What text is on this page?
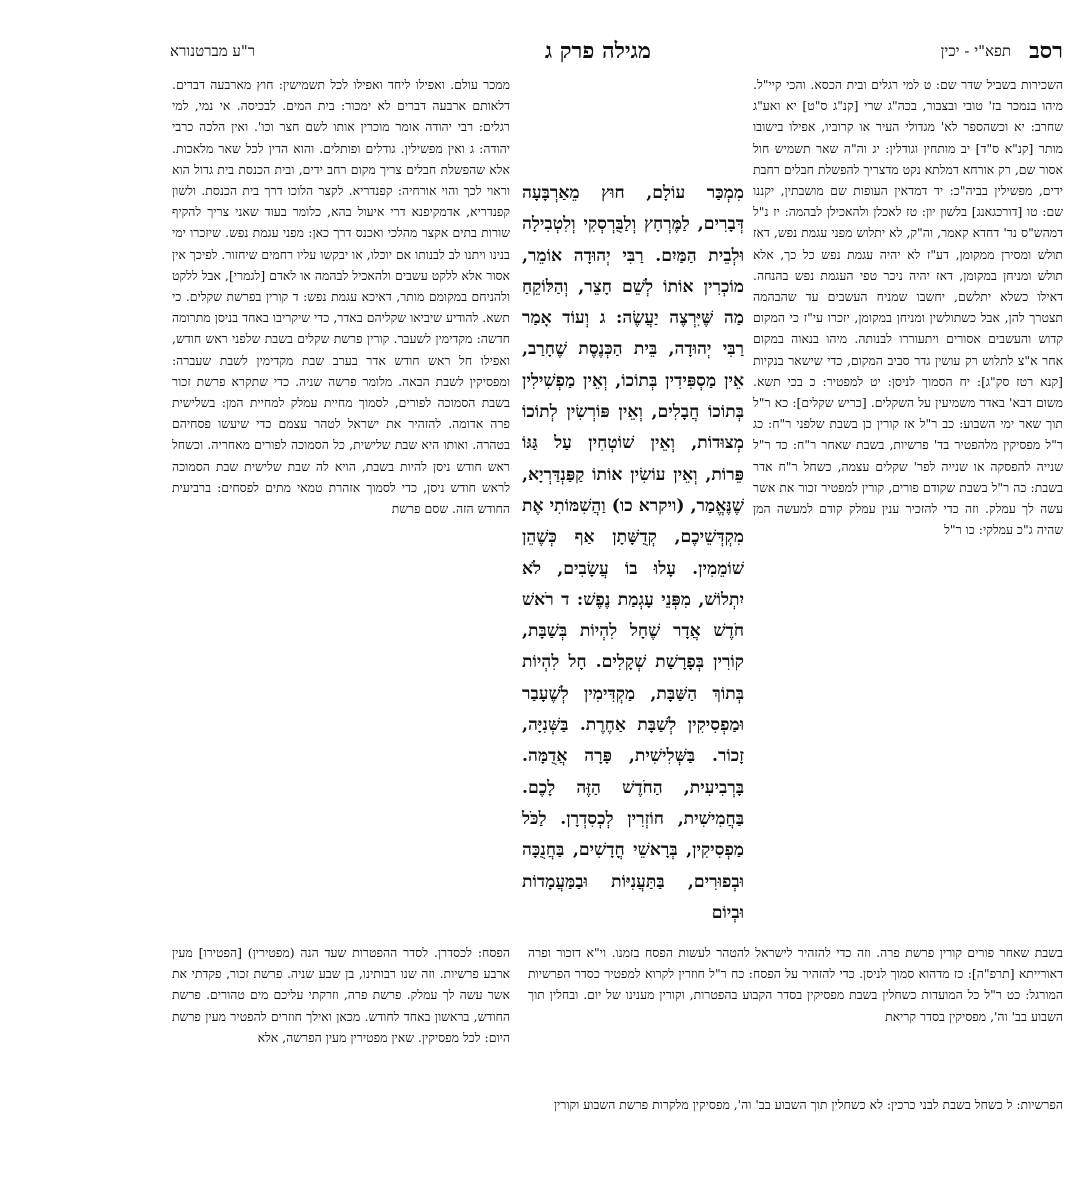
רסב
תפא"י - יכין
מגילה פרק ג
ר"ע מברטנורא

השכירות בשביל שדר שם: ט למי רגלים ובית הכסא. והכי קיי"ל. מיהו בנמכר בז' טובי ובצבור, בכה"ג שרי [קנ"ג ס"ט] יא ואע"ג שחרב: יא וכשהספר לא' מגדולי העיר או קרוביו, אפילו בישובו מותר [קנ"א ס"ד] יב מותחין וגודלין: יג וה"ה שאר תשמיש חול אסור שם, רק אורחא דמלתא נקט מדצריך להפשלת חבלים רחבת ידים, מפשילין בביה"כ: יד דמדאין העופות שם מושבתין, יקננו שם: טו [דורכגאנג] בלשון יון: טז לאכלן ולהאכילן לבהמה: יז נ"ל דמהש"ס נר' דחדא קאמר, וה"ק, לא יתלוש מפני עגמת נפש, דאז תולש ומסירן ממקומן, דע"ז לא יהיה עגמת נפש כל כך, אלא תולש ומניחן במקומן, דאז יהיה ניכר טפי העגמת נפש בהנחה. דאילו כשלא יתלשם, יחשבו שמניח העשבים עד שהבהמה תצטרך להן, אבל כשתולשין ומניחן במקומן, יזכרו עי"ז כי המקום קדוש והעשבים אסורים ויתעוררו לבנותה. מיהו בנאוה במקום אחר א"צ לתלוש רק עושין גדר סביב המקום, כדי שישאר בנקיות [קנא רטז סק"ג]: יח הסמוך לניסן: יט למפטיר: כ בכי תשא. משום דבא' באדר משמיעין על השקלים. [כריש שקלים]: כא ר"ל תוך שאר ימי השבוע: כב ר"ל אז קורין כן בשבת שלפני ר"ח: כג ר"ל מפסיקין מלהפטיר בד' פרשיות, בשבת שאחר ר"ח: כד ר"ל שנייה להפסקה או שנייה לפר' שקלים עצמה, כשחל ר"ח אדר בשבת: כה ר"ל בשבת שקודם פורים, קורין למפטיר זכור את אשר עשה לך עמלק. וזה כדי להזכיר ענין עמלק קודם למעשה המן שהיה ג"כ עמלקי: כו ר"ל

ממכר עולם. ואפילו ליחד ואפילו לכל תשמישין: חוץ מארבעה דברים. דלאותם ארבעה דברים לא ימכור: בית המים. לבכיסה. אי נמי, למי רגלים: רבי יהודה אומר מוכרין אותו לשם חצר וכו'. ואין הלכה כרבי יהודה: ג ואין מפשילין. גודלים ופותלים. והוא הדין לכל שאר מלאכות. אלא שהפשלת חבלים צריך מקום רחב ידים, ובית הכנסת בית גדול הוא וראוי לכך והוי אורחיה: קפנדריא. לקצר הלוכו דרך בית הכנסת. ולשון קפנדריא, אדמקיפנא דרי איעול בהא, כלומר בעוד שאני צריך להקיף שורות בתים אקצר מהלכי ואכנס דרך כאן: מפני עגמת נפש. שיזכרו ימי בנינו ויתנו לב לבנותו אם יוכלו, או יבקשו עליו רחמים שיחזור. לפיכך אין אסור אלא ללקט עשבים ולהאכיל לבהמה או לאדם [לגמרי], אבל ללקט ולהניחם במקומם מותר, דאיכא עגמת נפש: ד קורין בפרשת שקלים. כי תשא. להודיע שיביאו שקליהם באדר, כדי שיקריבו באחד בניסן מתרומה חדשה: מקדימין לשעבר. קורין פרשת שקלים בשבת שלפני ראש חודש, ואפילו חל ראש חודש אדר בערב שבת מקדימין לשבת שעברה: ומפסיקין לשבת הבאה. מלומר פרשה שניה. כדי שתקרא פרשת זכור בשבת הסמוכה לפורים, לסמוך מחיית עמלק למחיית המן: בשלישית פרה אדומה. להזהיר את ישראל לטהר עצמם כדי שיעשו פסחיהם בטהרה. ואותו היא שבת שלישית, כל הסמוכה לפורים מאחריה. וכשחל ראש חודש ניסן להיות בשבת, הויא לה שבת שלישית שבת הסמוכה לראש חודש ניסן, כדי לסמוך אזהרת טמאי מתים לפסחים: ברביעית החודש הזה. שסם פרשת

מִמְכַּר עוֹלָם, חוּץ מֵאַרְבָּעָה דְּבָרִים, לַמֶּרְחָץ וְלַבֻּרְסְקִי וְלִטְבִילָה וּלְבֵית הַמַּיִם. רַבִּי יְהוּדָה אוֹמֵר, מוֹכְרִין אוֹתוֹ לְשֵׁם חָצֵר, וְהַלּוֹקֵחַ מַה שֶּׁיִּרְצֶה יַעֲשֶׂה: ג וְעוֹד אָמַר רַבִּי יְהוּדָה, בֵּית הַכְּנֶסֶת שֶׁחָרַב, אֵין מַסְפִּידִין בְּתוֹכוֹ, וְאֵין מַפְשִׁילִין בְּתוֹכוֹ חֲבָלִים, וְאֵין פּוֹרְשִׂין לְתוֹכוֹ מְצוּדוֹת, וְאֵין שׁוֹטְחִין עַל גַּגּוֹ פֵּרוֹת, וְאֵין עוֹשִׂין אוֹתוֹ קַפַּנְדַּרְיָא, שֶׁנֶּאֱמַר, (ויקרא כו) וַהֲשִׁמּוֹתִי אֶת מִקְדְּשֵׁיכֶם, קְדֻשָּׁתָן אַף כְּשֶׁהֵן שׁוֹמֵמִין. עָלוּ בוֹ עֲשָׂבִים, לֹא יִתְלוֹשׁ, מִפְּנֵי עָגְמַת נֶפֶשׁ: ד רֹאשׁ חֹדֶשׁ אֲדָר שֶׁחָל לִהְיוֹת בְּשַׁבָּת, קוֹרִין בְּפָרָשַׁת שְׁקָלִים. חָל לִהְיוֹת בְּתוֹךְ הַשַּׁבָּת, מַקְדִּימִין לְשֶׁעָבַר וּמַפְסִיקִין לְשַׁבָּת אַחֶרֶת. בַּשְּׁנִיָּה, זָכוֹר. בַּשְּׁלִישִׁית, פָּרָה אֲדֻמָּה. בָּרְבִיעִית, הַחֹדֶשׁ הַזֶּה לָכֶם. בַּחֲמִישִׁית, חוֹזְרִין לְכְסִדְרָן. לַכֹּל מַפְסִיקִין, בְּרָאשֵׁי חֳדָשִׁים, בַּחֲנֻכָּה וּבְפוּרִים, בַּתַּעֲנִיּוֹת וּבַמַּעֲמָדוֹת וּבְיוֹם

בשבת שאחר פורים קורין פרשת פרה. וזה כדי להזהיר לישראל להטהר לעשות הפסח בזמנו. וי"א דזכור ופרה דאורייתא [תרפ"ה]: כז מדהוא סמוך לניסן. כדי להזהיר על הפסח: כח ר"ל חוזרין לקרוא למפטיר כסדר הפרשיות המורגל: כט ר"ל כל המועדות כשחלין בשבת מפסיקין בסדר הקבוע בהפטרות, וקורין מענינו של יום. ובחלין תוך השבוע בב' וה', מפסיקין בסדר קריאת

הפסח: לכסדרן. לסדר ההפטרות שעד הנה (מפטירין) [הפטירו] מעין ארבע פרשיות. וזה שנו רבותינו, בן שבע שניה. פרשת זכור, פקדתי את אשר עשה לך עמלק. פרשת פרה, וזרקתי עליכם מים טהורים. פרשת החודש, בראשון באחד לחודש. מכאן ואילך חוזרים להפטיר מעין פרשת היום: לכל מפסיקין. שאין מפטירין מעין הפרשה, אלא

הפרשיות: ל כשחל בשבת לבני כרכין: לא כשחלין תוך השבוע בב' וה', מפסיקין מלקרות פרשת השבוע וקורין
